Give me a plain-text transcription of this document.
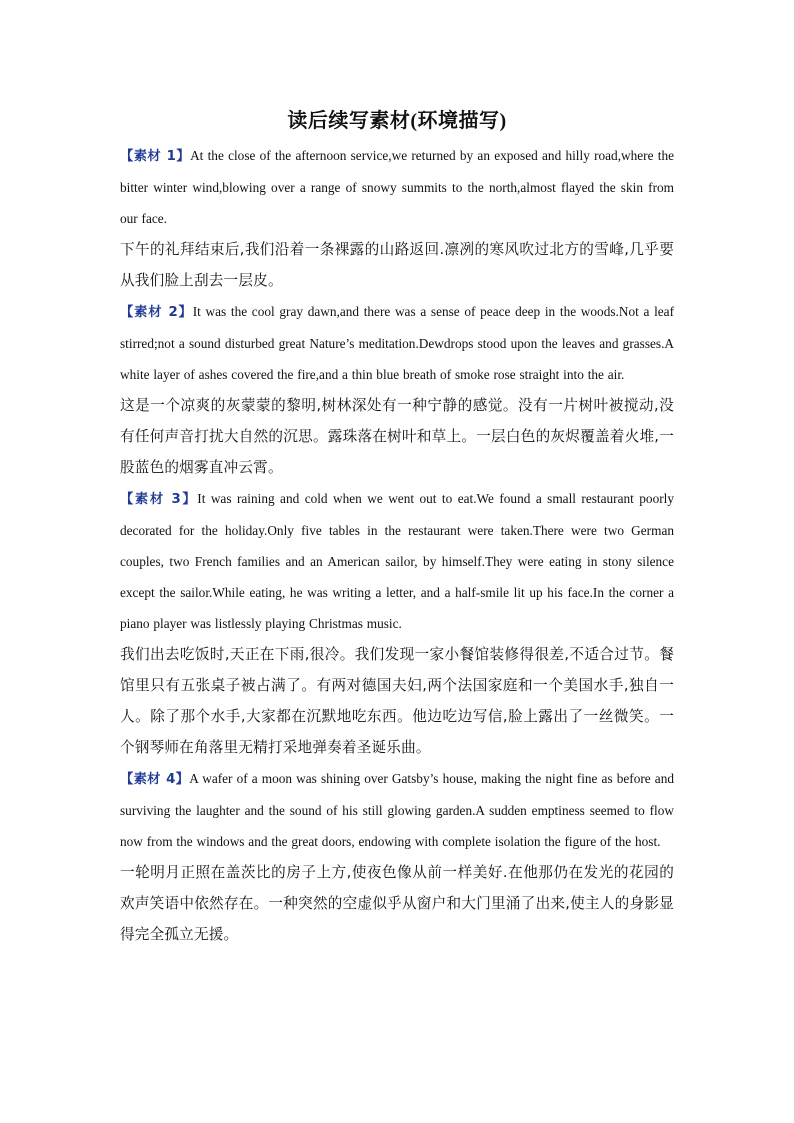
读后续写素材(环境描写)

【素材 1】At the close of the afternoon service,we returned by an exposed and hilly road,where the bitter winter wind,blowing over a range of snowy summits to the north,almost flayed the skin from our face.

下午的礼拜结束后,我们沿着一条裸露的山路返回.凛冽的寒风吹过北方的雪峰,几乎要从我们脸上刮去一层皮。

【素材 2】It was the cool gray dawn,and there was a sense of peace deep in the woods.Not a leaf stirred;not a sound disturbed great Nature’s meditation.Dewdrops stood upon the leaves and grasses.A white layer of ashes covered the fire,and a thin blue breath of smoke rose straight into the air.

这是一个凉爽的灰蒙蒙的黎明,树林深处有一种宁静的感觉。没有一片树叶被搅动,没有任何声音打扰大自然的沉思。露珠落在树叶和草上。一层白色的灰烬覆盖着火堆,一股蓝色的烟雾直冲云霄。

【素材 3】It was raining and cold when we went out to eat.We found a small restaurant poorly decorated for the holiday.Only five tables in the restaurant were taken.There were two German couples, two French families and an American sailor, by himself.They were eating in stony silence except the sailor.While eating, he was writing a letter, and a half-smile lit up his face.In the corner a piano player was listlessly playing Christmas music.

我们出去吃饭时,天正在下雨,很冷。我们发现一家小餐馆装修得很差,不适合过节。餐馆里只有五张桌子被占满了。有两对德国夫妇,两个法国家庭和一个美国水手,独自一人。除了那个水手,大家都在沉默地吃东西。他边吃边写信,脸上露出了一丝微笑。一个钢琴师在角落里无精打采地弹奏着圣诞乐曲。

【素材 4】A wafer of a moon was shining over Gatsby’s house, making the night fine as before and surviving the laughter and the sound of his still glowing garden.A sudden emptiness seemed to flow now from the windows and the great doors, endowing with complete isolation the figure of the host.

一轮明月正照在盖茨比的房子上方,使夜色像从前一样美好.在他那仍在发光的花园的欢声笑语中依然存在。一种突然的空虚似乎从窗户和大门里涌了出来,使主人的身影显得完全孤立无援。
